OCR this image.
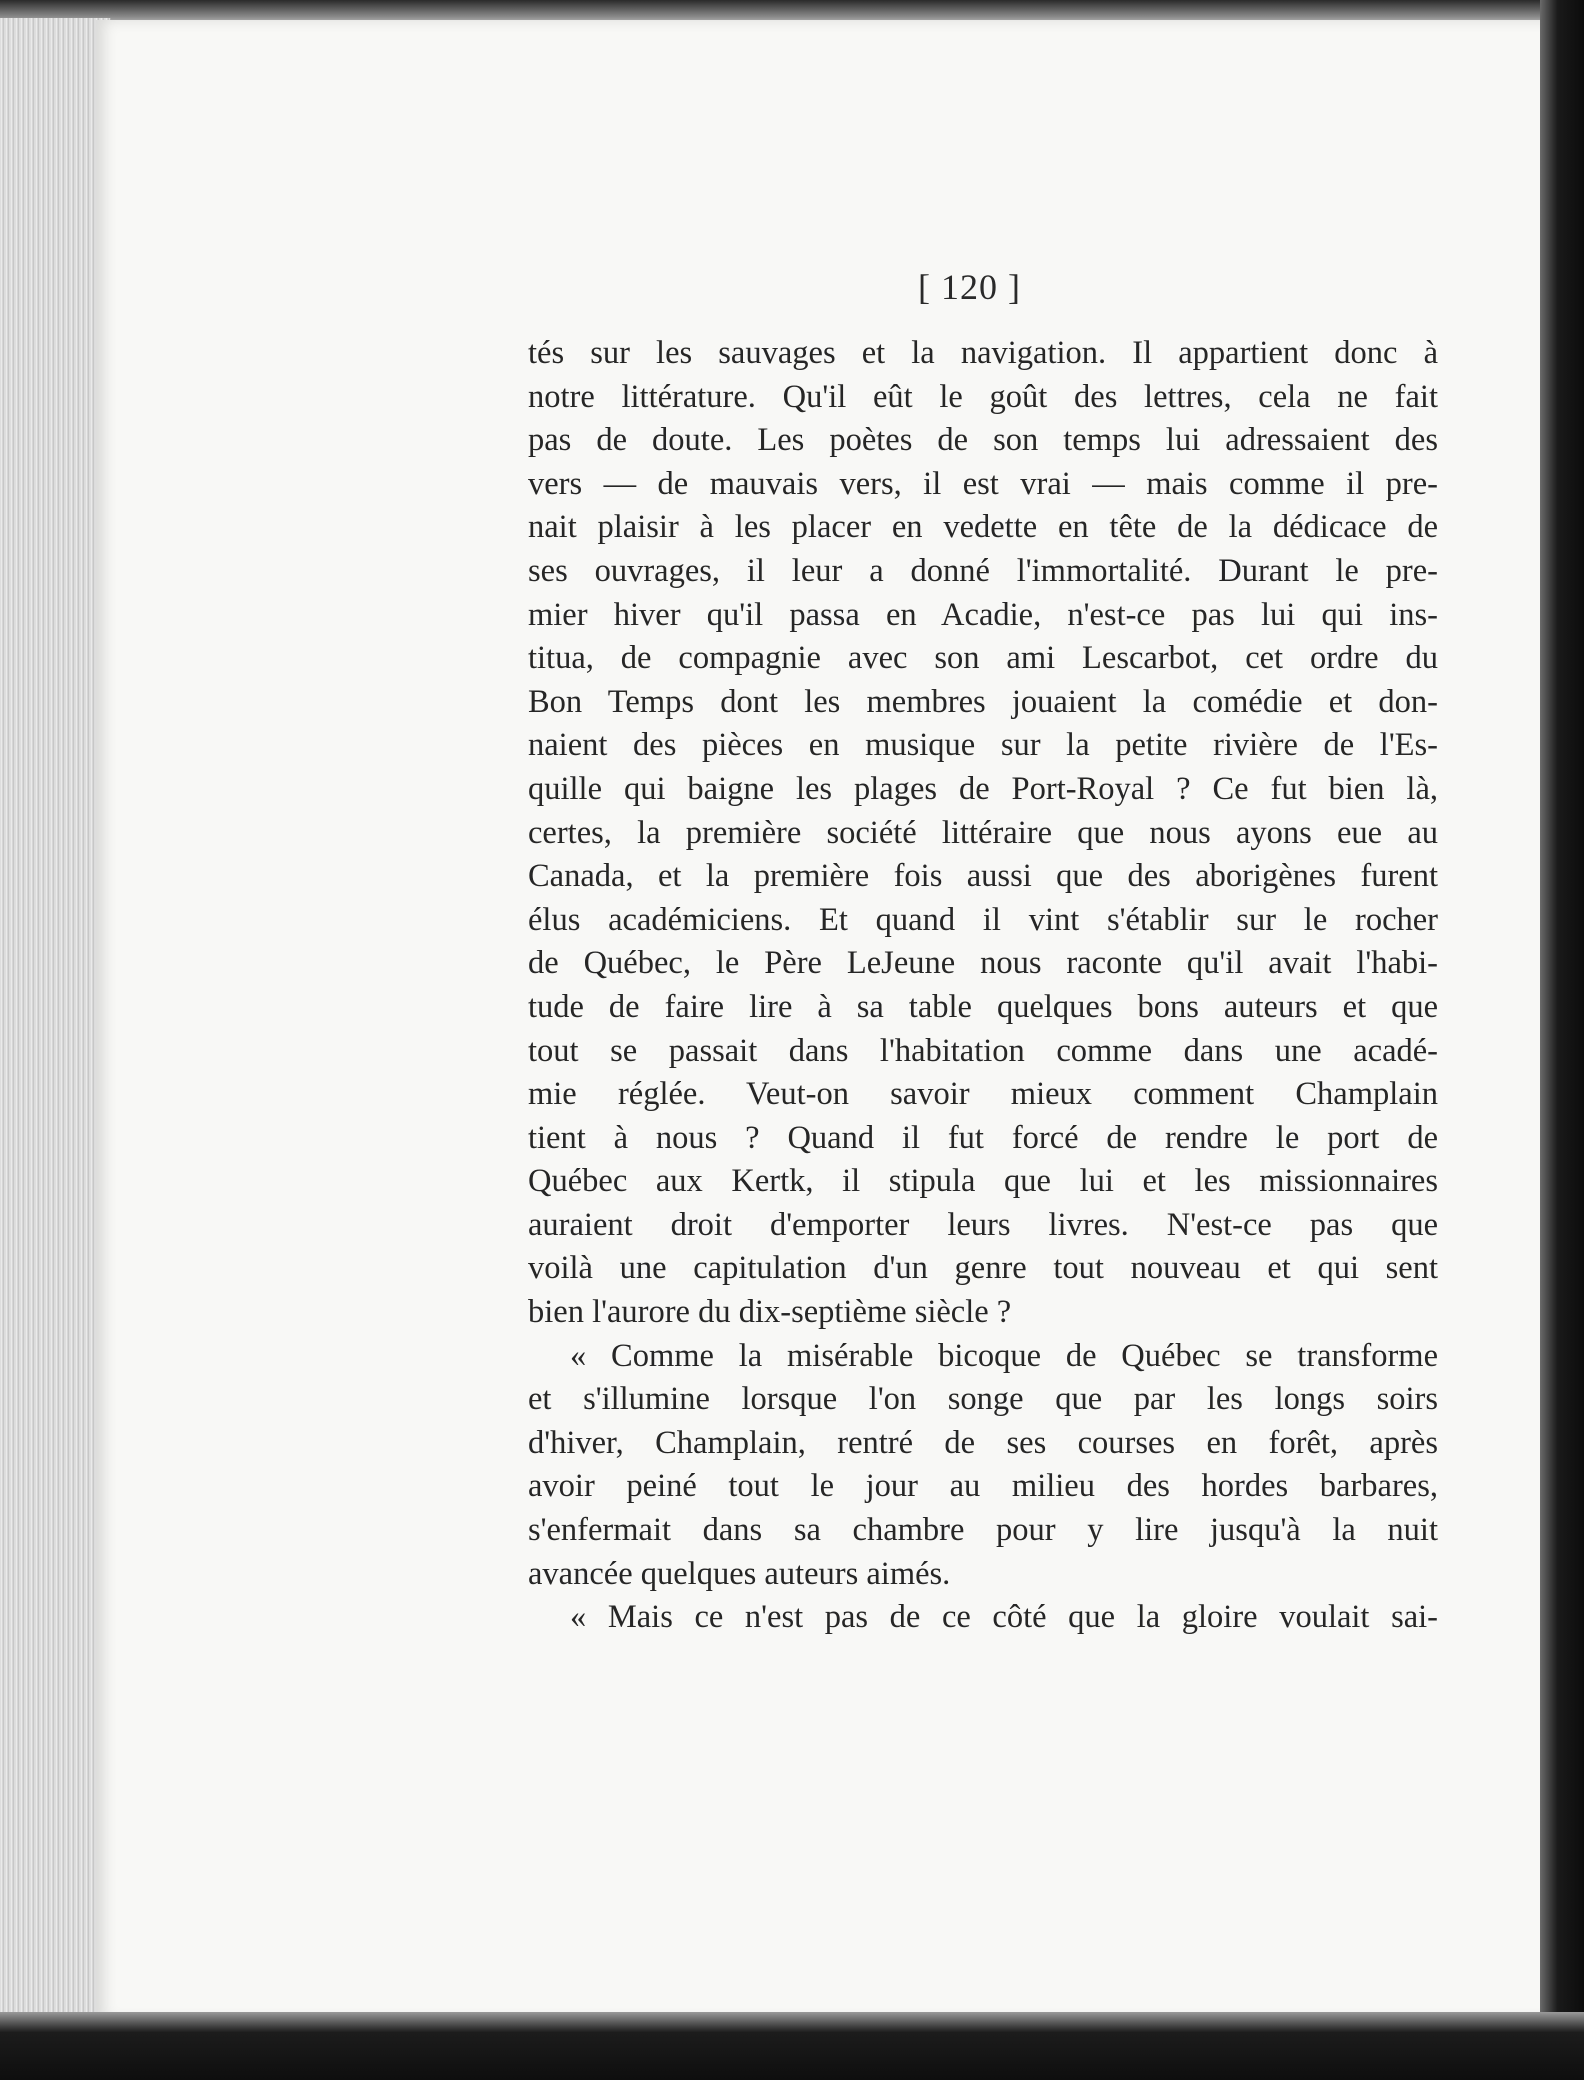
[ 120 ]
tés sur les sauvages et la navigation. Il appartient donc à
notre littérature. Qu'il eût le goût des lettres, cela ne fait
pas de doute. Les poètes de son temps lui adressaient des
vers — de mauvais vers, il est vrai — mais comme il pre-
nait plaisir à les placer en vedette en tête de la dédicace de
ses ouvrages, il leur a donné l'immortalité. Durant le pre-
mier hiver qu'il passa en Acadie, n'est-ce pas lui qui ins-
titua, de compagnie avec son ami Lescarbot, cet ordre du
Bon Temps dont les membres jouaient la comédie et don-
naient des pièces en musique sur la petite rivière de l'Es-
quille qui baigne les plages de Port-Royal ? Ce fut bien là,
certes, la première société littéraire que nous ayons eue au
Canada, et la première fois aussi que des aborigènes furent
élus académiciens. Et quand il vint s'établir sur le rocher
de Québec, le Père LeJeune nous raconte qu'il avait l'habi-
tude de faire lire à sa table quelques bons auteurs et que
tout se passait dans l'habitation comme dans une acadé-
mie réglée. Veut-on savoir mieux comment Champlain
tient à nous ? Quand il fut forcé de rendre le port de
Québec aux Kertk, il stipula que lui et les missionnaires
auraient droit d'emporter leurs livres. N'est-ce pas que
voilà une capitulation d'un genre tout nouveau et qui sent
bien l'aurore du dix-septième siècle ?
« Comme la misérable bicoque de Québec se transforme
et s'illumine lorsque l'on songe que par les longs soirs
d'hiver, Champlain, rentré de ses courses en forêt, après
avoir peiné tout le jour au milieu des hordes barbares,
s'enfermait dans sa chambre pour y lire jusqu'à la nuit
avancée quelques auteurs aimés.
« Mais ce n'est pas de ce côté que la gloire voulait sai-
